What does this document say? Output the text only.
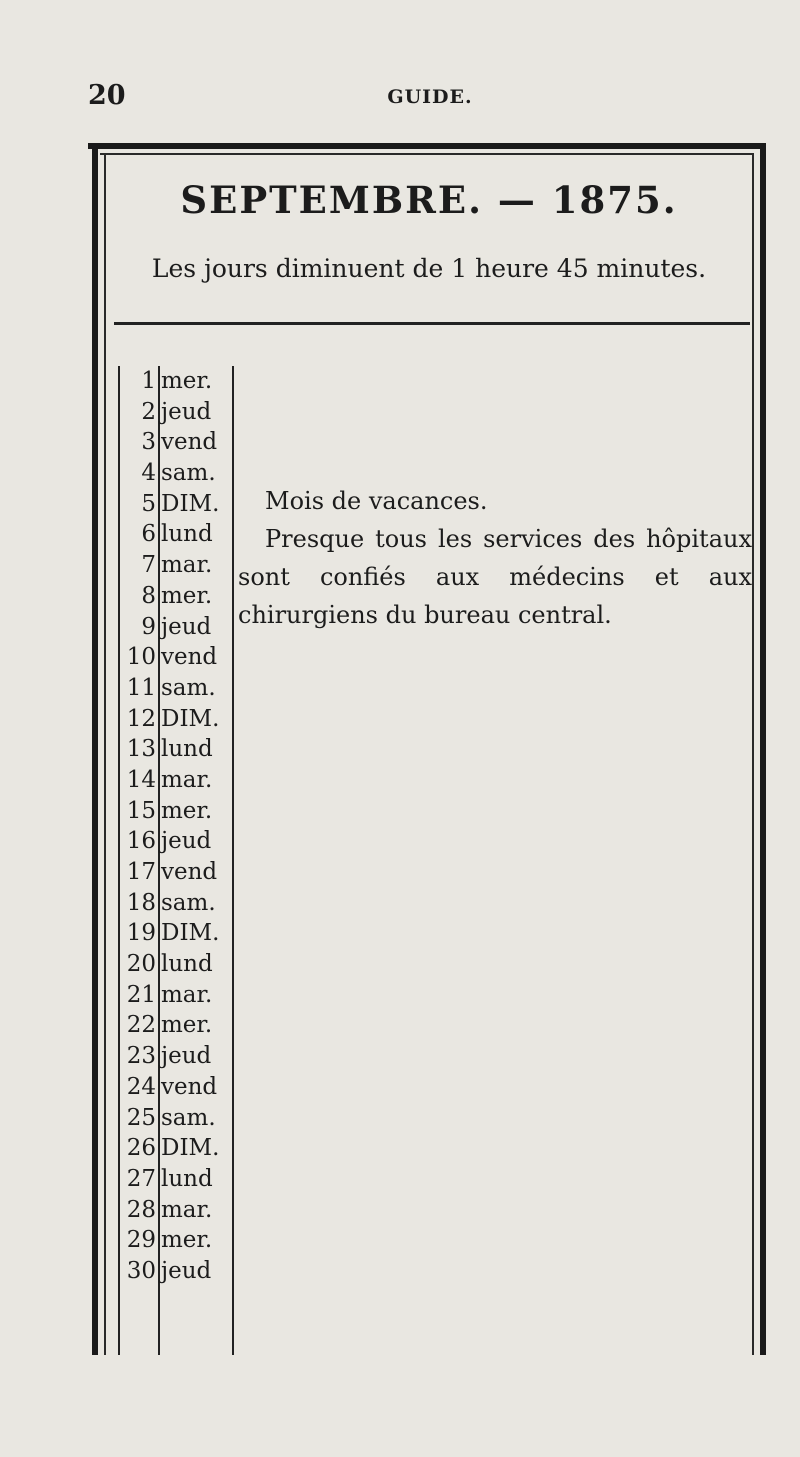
20	GUIDE.
SEPTEMBRE. — 1875.
Les jours diminuent de 1 heure 45 minutes.
1 mer.
2 jeud
3 vend
4 sam.
5 DIM.
6 lund
7 mar.
8 mer.
9 jeud
10 vend
11 sam.
12 DIM.
13 lund
14 mar.
15 mer.
16 jeud
17 vend
18 sam.
19 DIM.
20 lund
21 mar.
22 mer.
23 jeud
24 vend
25 sam.
26 DIM.
27 lund
28 mar.
29 mer.
30 jeud

Mois de vacances.

Presque tous les services des hôpitaux sont confiés aux médecins et aux chirurgiens du bureau central.
